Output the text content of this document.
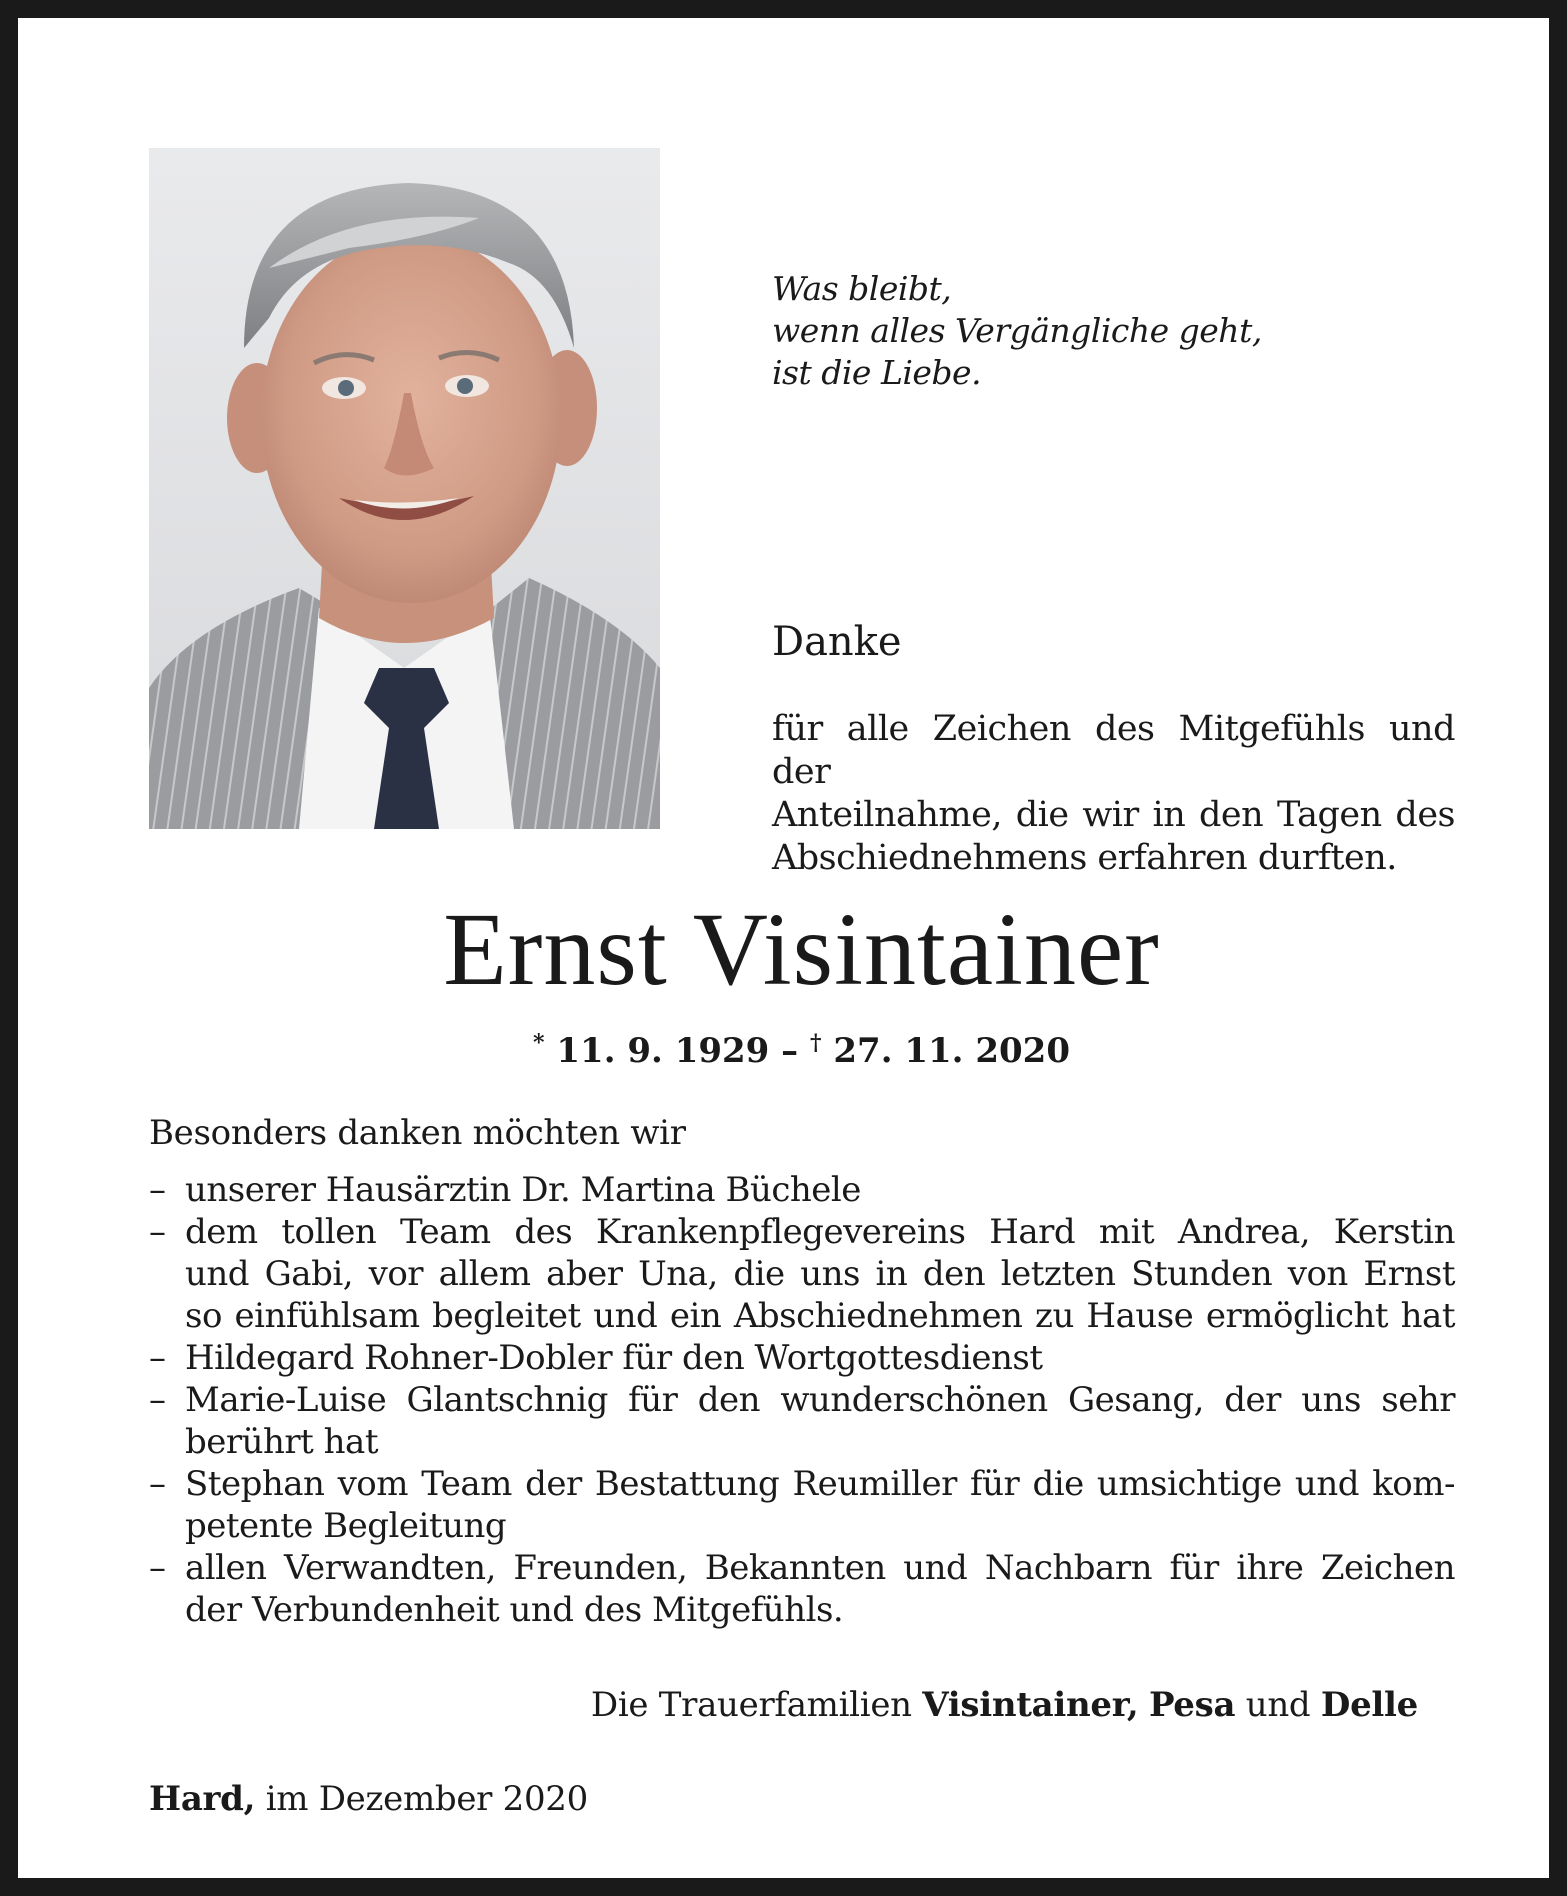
Was bleibt,
wenn alles Vergängliche geht,
ist die Liebe.
Danke
für alle Zeichen des Mitgefühls und der
Anteilnahme, die wir in den Tagen des
Abschiednehmens erfahren durften.
Ernst Visintainer
* 11. 9. 1929 – † 27. 11. 2020
Besonders danken möchten wir
– unserer Hausärztin Dr. Martina Büchele
– dem tollen Team des Krankenpflegevereins Hard mit Andrea, Kerstin
und Gabi, vor allem aber Una, die uns in den letzten Stunden von Ernst
so einfühlsam begleitet und ein Abschiednehmen zu Hause ermöglicht hat
– Hildegard Rohner-Dobler für den Wortgottesdienst
– Marie-Luise Glantschnig für den wunderschönen Gesang, der uns sehr
berührt hat
– Stephan vom Team der Bestattung Reumiller für die umsichtige und kom-
petente Begleitung
– allen Verwandten, Freunden, Bekannten und Nachbarn für ihre Zeichen
der Verbundenheit und des Mitgefühls.
Die Trauerfamilien Visintainer, Pesa und Delle
Hard, im Dezember 2020
